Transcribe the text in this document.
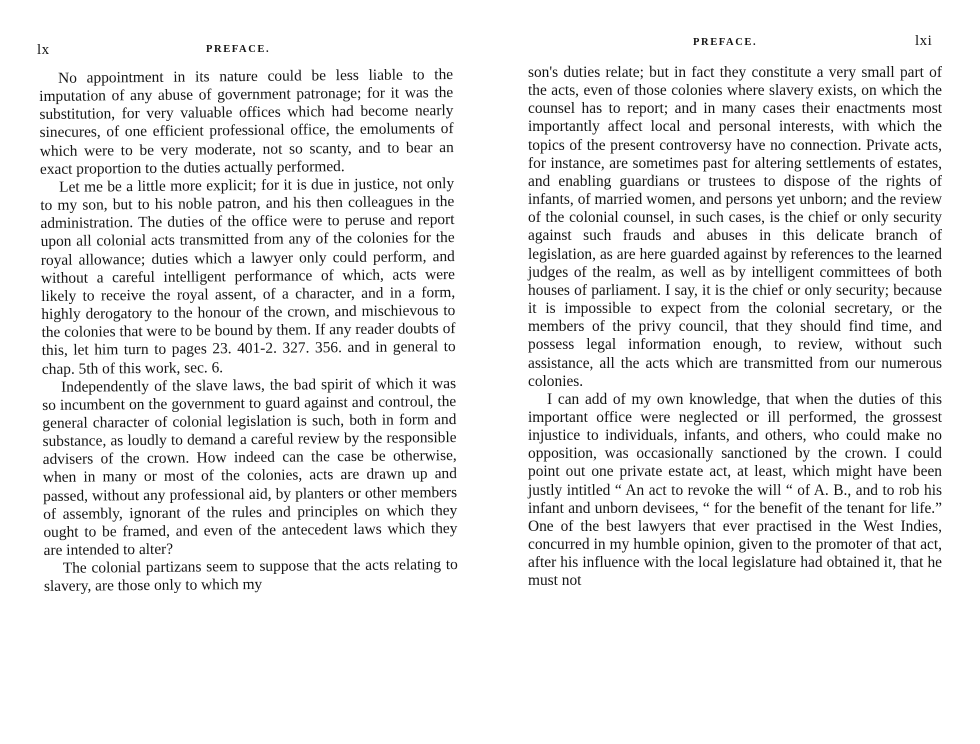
lx	PREFACE.

No appointment in its nature could be less liable to the imputation of any abuse of government patronage; for it was the substitution, for very valuable offices which had become nearly sinecures, of one efficient professional office, the emoluments of which were to be very moderate, not so scanty, and to bear an exact proportion to the duties actually performed.

Let me be a little more explicit; for it is due in justice, not only to my son, but to his noble patron, and his then colleagues in the administration. The duties of the office were to peruse and report upon all colonial acts transmitted from any of the colonies for the royal allowance; duties which a lawyer only could perform, and without a careful intelligent performance of which, acts were likely to receive the royal assent, of a character, and in a form, highly derogatory to the honour of the crown, and mischievous to the colonies that were to be bound by them. If any reader doubts of this, let him turn to pages 23. 401-2. 327. 356. and in general to chap. 5th of this work, sec. 6.

Independently of the slave laws, the bad spirit of which it was so incumbent on the government to guard against and controul, the general character of colonial legislation is such, both in form and substance, as loudly to demand a careful review by the responsible advisers of the crown. How indeed can the case be otherwise, when in many or most of the colonies, acts are drawn up and passed, without any professional aid, by planters or other members of assembly, ignorant of the rules and principles on which they ought to be framed, and even of the antecedent laws which they are intended to alter?

The colonial partizans seem to suppose that the acts relating to slavery, are those only to which my

PREFACE.	lxi

son's duties relate; but in fact they constitute a very small part of the acts, even of those colonies where slavery exists, on which the counsel has to report; and in many cases their enactments most importantly affect local and personal interests, with which the topics of the present controversy have no connection. Private acts, for instance, are sometimes past for altering settlements of estates, and enabling guardians or trustees to dispose of the rights of infants, of married women, and persons yet unborn; and the review of the colonial counsel, in such cases, is the chief or only security against such frauds and abuses in this delicate branch of legislation, as are here guarded against by references to the learned judges of the realm, as well as by intelligent committees of both houses of parliament. I say, it is the chief or only security; because it is impossible to expect from the colonial secretary, or the members of the privy council, that they should find time, and possess legal information enough, to review, without such assistance, all the acts which are transmitted from our numerous colonies.

I can add of my own knowledge, that when the duties of this important office were neglected or ill performed, the grossest injustice to individuals, infants, and others, who could make no opposition, was occasionally sanctioned by the crown. I could point out one private estate act, at least, which might have been justly intitled “ An act to revoke the will “ of A. B., and to rob his infant and unborn devisees, “ for the benefit of the tenant for life.” One of the best lawyers that ever practised in the West Indies, concurred in my humble opinion, given to the promoter of that act, after his influence with the local legislature had obtained it, that he must not
